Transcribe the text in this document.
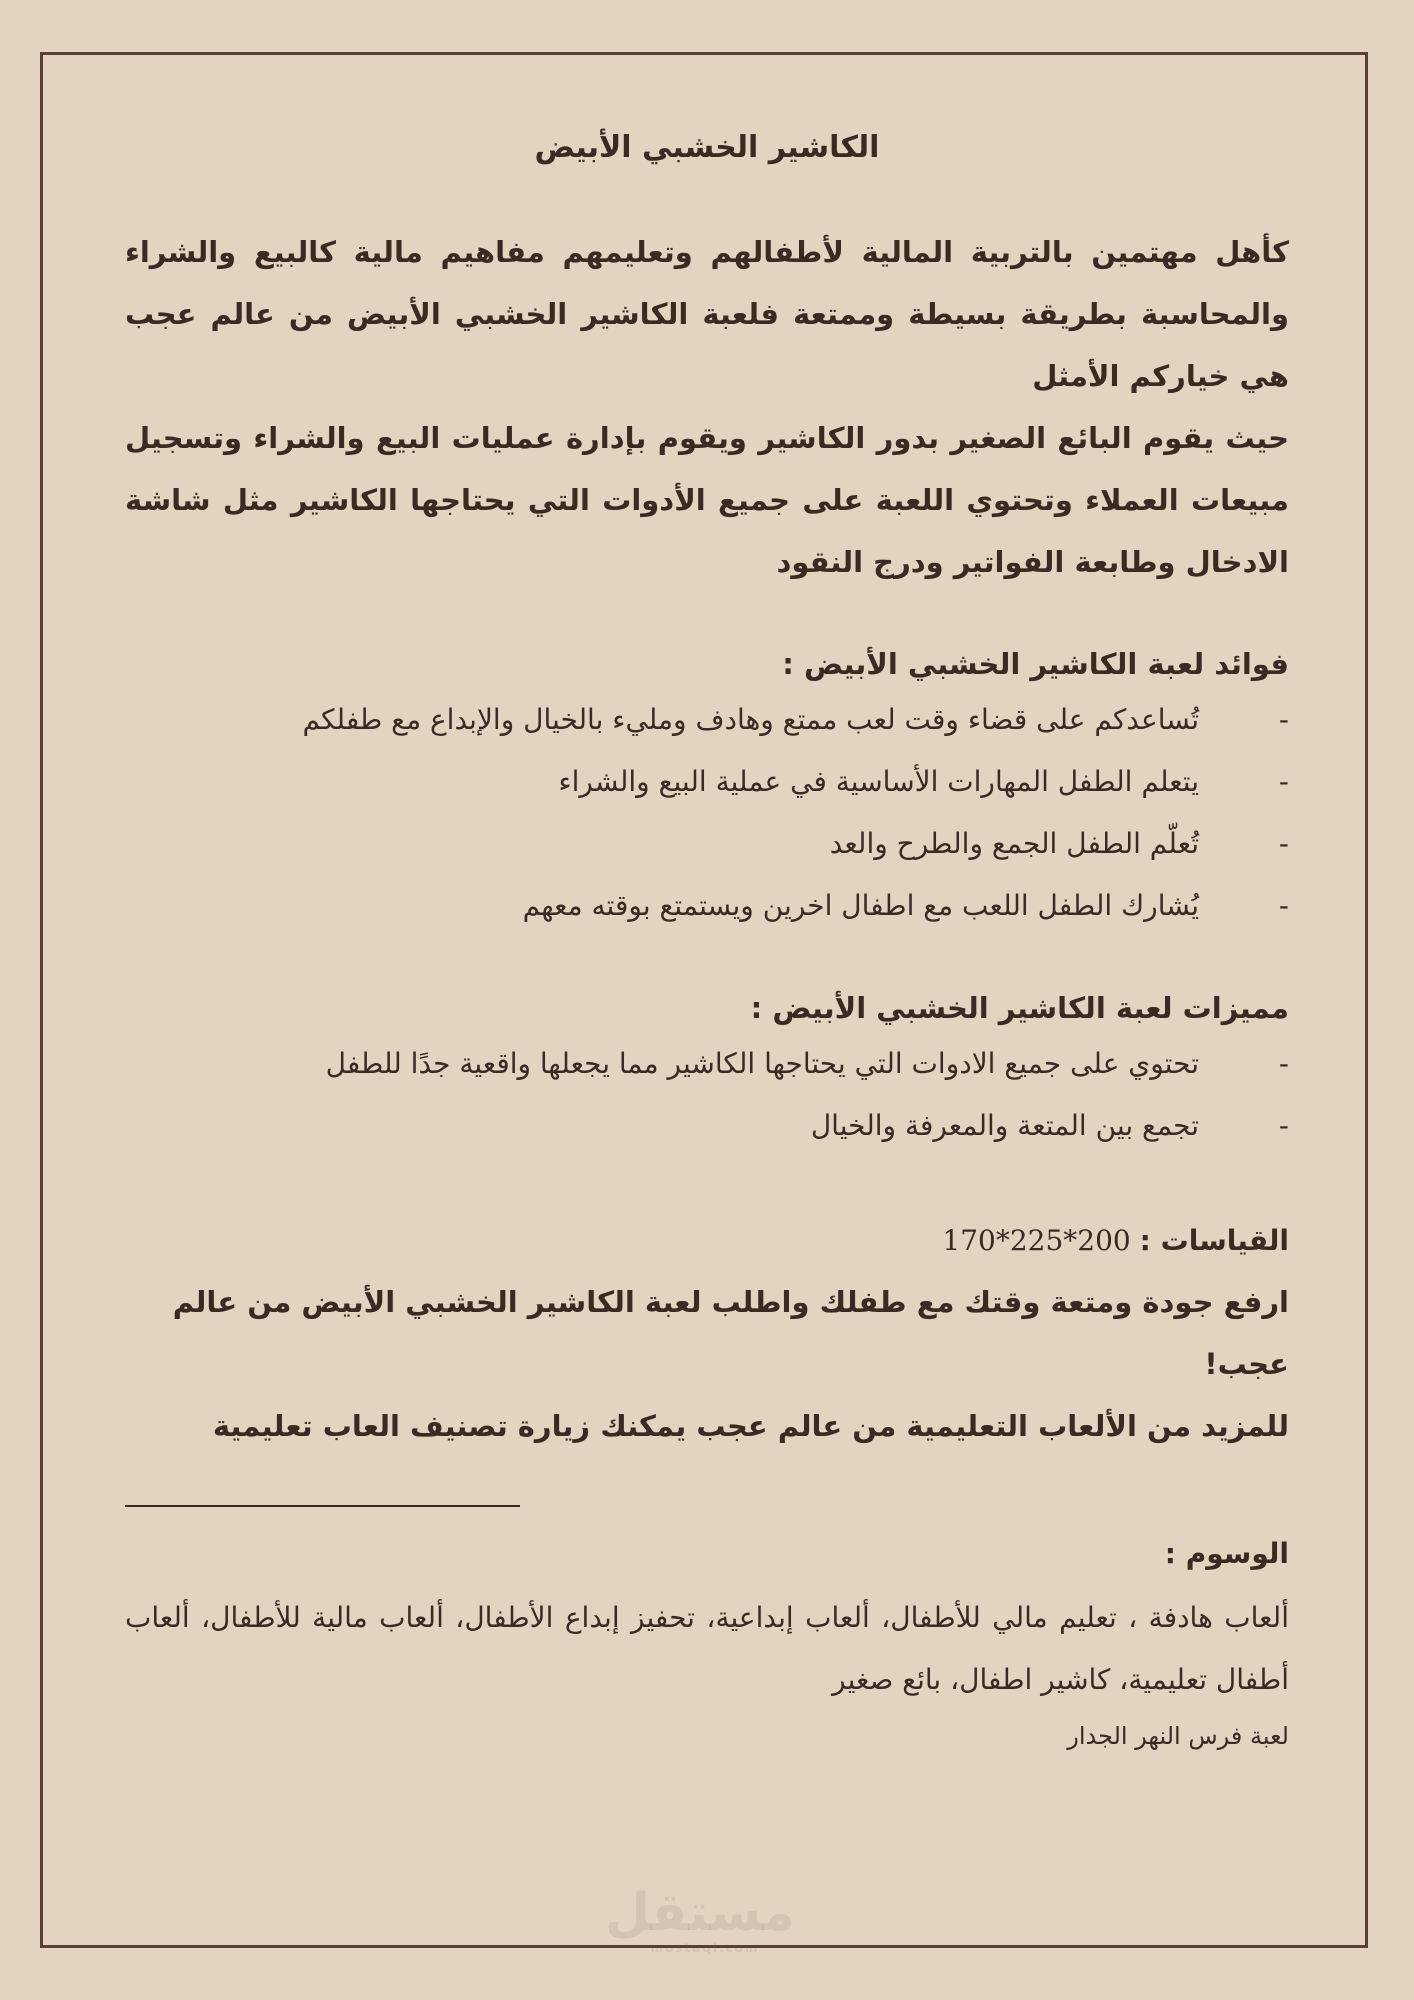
الكاشير الخشبي الأبيض

كأهل مهتمين بالتربية المالية لأطفالهم وتعليمهم مفاهيم مالية كالبيع والشراء والمحاسبة بطريقة بسيطة وممتعة فلعبة الكاشير الخشبي الأبيض من عالم عجب هي خياركم الأمثل

حيث يقوم البائع الصغير بدور الكاشير ويقوم بإدارة عمليات البيع والشراء وتسجيل مبيعات العملاء وتحتوي اللعبة على جميع الأدوات التي يحتاجها الكاشير مثل شاشة الادخال وطابعة الفواتير ودرج النقود

فوائد لعبة الكاشير الخشبي الأبيض :
-
تُساعدكم على قضاء وقت لعب ممتع وهادف ومليء بالخيال والإبداع مع طفلكم
-
يتعلم الطفل المهارات الأساسية في عملية البيع والشراء
-
تُعلّم الطفل الجمع والطرح والعد
-
يُشارك الطفل اللعب مع اطفال اخرين ويستمتع بوقته معهم
مميزات لعبة الكاشير الخشبي الأبيض :
-
تحتوي على جميع الادوات التي يحتاجها الكاشير مما يجعلها واقعية جدًا للطفل
-
تجمع بين المتعة والمعرفة والخيال
القياسات : 170*225*200

ارفع جودة ومتعة وقتك مع طفلك واطلب لعبة الكاشير الخشبي الأبيض من عالم عجب!

للمزيد من الألعاب التعليمية من عالم عجب يمكنك زيارة تصنيف العاب تعليمية

الوسوم :

ألعاب هادفة ، تعليم مالي للأطفال، ألعاب إبداعية، تحفيز إبداع الأطفال، ألعاب مالية للأطفال، ألعاب أطفال تعليمية، كاشير اطفال، بائع صغير

لعبة فرس النهر الجدار

مستقل
mostaql.com
